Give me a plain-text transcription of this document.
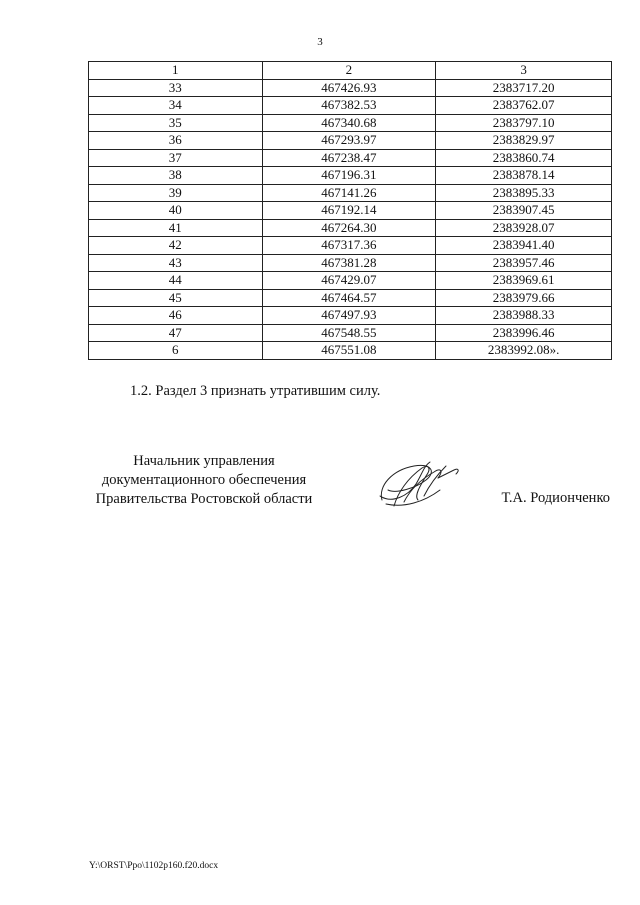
3
1	2	3
33	467426.93	2383717.20
34	467382.53	2383762.07
35	467340.68	2383797.10
36	467293.97	2383829.97
37	467238.47	2383860.74
38	467196.31	2383878.14
39	467141.26	2383895.33
40	467192.14	2383907.45
41	467264.30	2383928.07
42	467317.36	2383941.40
43	467381.28	2383957.46
44	467429.07	2383969.61
45	467464.57	2383979.66
46	467497.93	2383988.33
47	467548.55	2383996.46
6	467551.08	2383992.08».
1.2. Раздел 3 признать утратившим силу.
Начальник управления
документационного обеспечения
Правительства Ростовской области	Т.А. Родионченко
Y:\ORST\Ppo\1102p160.f20.docx
